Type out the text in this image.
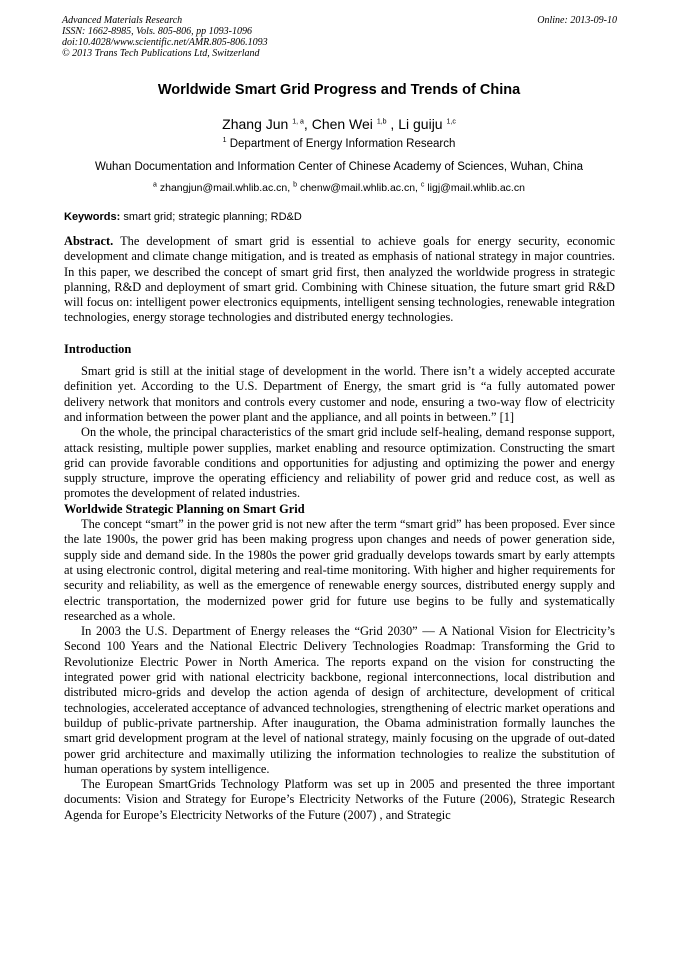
Advanced Materials Research
ISSN: 1662-8985, Vols. 805-806, pp 1093-1096
doi:10.4028/www.scientific.net/AMR.805-806.1093
© 2013 Trans Tech Publications Ltd, Switzerland
Online: 2013-09-10
Worldwide Smart Grid Progress and Trends of China
Zhang Jun $^{1, a}$, Chen Wei $^{1,b}$ , Li guiju $^{1,c}$
$^1$ Department of Energy Information Research
Wuhan Documentation and Information Center of Chinese Academy of Sciences, Wuhan, China
$^a$ zhangjun@mail.whlib.ac.cn, $^b$ chenw@mail.whlib.ac.cn, $^c$ ligj@mail.whlib.ac.cn
Keywords: smart grid; strategic planning; RD&D

Abstract. The development of smart grid is essential to achieve goals for energy security, economic development and climate change mitigation, and is treated as emphasis of national strategy in major countries. In this paper, we described the concept of smart grid first, then analyzed the worldwide progress in strategic planning, R&D and deployment of smart grid. Combining with Chinese situation, the future smart grid R&D will focus on: intelligent power electronics equipments, intelligent sensing technologies, renewable integration technologies, energy storage technologies and distributed energy technologies.

Introduction

Smart grid is still at the initial stage of development in the world. There isn’t a widely accepted accurate definition yet. According to the U.S. Department of Energy, the smart grid is “a fully automated power delivery network that monitors and controls every customer and node, ensuring a two-way flow of electricity and information between the power plant and the appliance, and all points in between.” [1]

On the whole, the principal characteristics of the smart grid include self-healing, demand response support, attack resisting, multiple power supplies, market enabling and resource optimization. Constructing the smart grid can provide favorable conditions and opportunities for adjusting and optimizing the power and energy supply structure, improve the operating efficiency and reliability of power grid and reduce cost, as well as promotes the development of related industries.

Worldwide Strategic Planning on Smart Grid

The concept “smart” in the power grid is not new after the term “smart grid” has been proposed. Ever since the late 1900s, the power grid has been making progress upon changes and needs of power generation side, supply side and demand side. In the 1980s the power grid gradually develops towards smart by early attempts at using electronic control, digital metering and real-time monitoring. With higher and higher requirements for security and reliability, as well as the emergence of renewable energy sources, distributed energy supply and electric transportation, the modernized power grid for future use begins to be fully and systematically researched as a whole.

In 2003 the U.S. Department of Energy releases the “Grid 2030” — A National Vision for Electricity’s Second 100 Years and the National Electric Delivery Technologies Roadmap: Transforming the Grid to Revolutionize Electric Power in North America. The reports expand on the vision for constructing the integrated power grid with national electricity backbone, regional interconnections, local distribution and distributed micro-grids and develop the action agenda of design of architecture, development of critical technologies, accelerated acceptance of advanced technologies, strengthening of electric market operations and buildup of public-private partnership. After inauguration, the Obama administration formally launches the smart grid development program at the level of national strategy, mainly focusing on the upgrade of out-dated power grid architecture and maximally utilizing the information technologies to realize the substitution of human operations by system intelligence.

The European SmartGrids Technology Platform was set up in 2005 and presented the three important documents: Vision and Strategy for Europe’s Electricity Networks of the Future (2006), Strategic Research Agenda for Europe’s Electricity Networks of the Future (2007) , and Strategic
